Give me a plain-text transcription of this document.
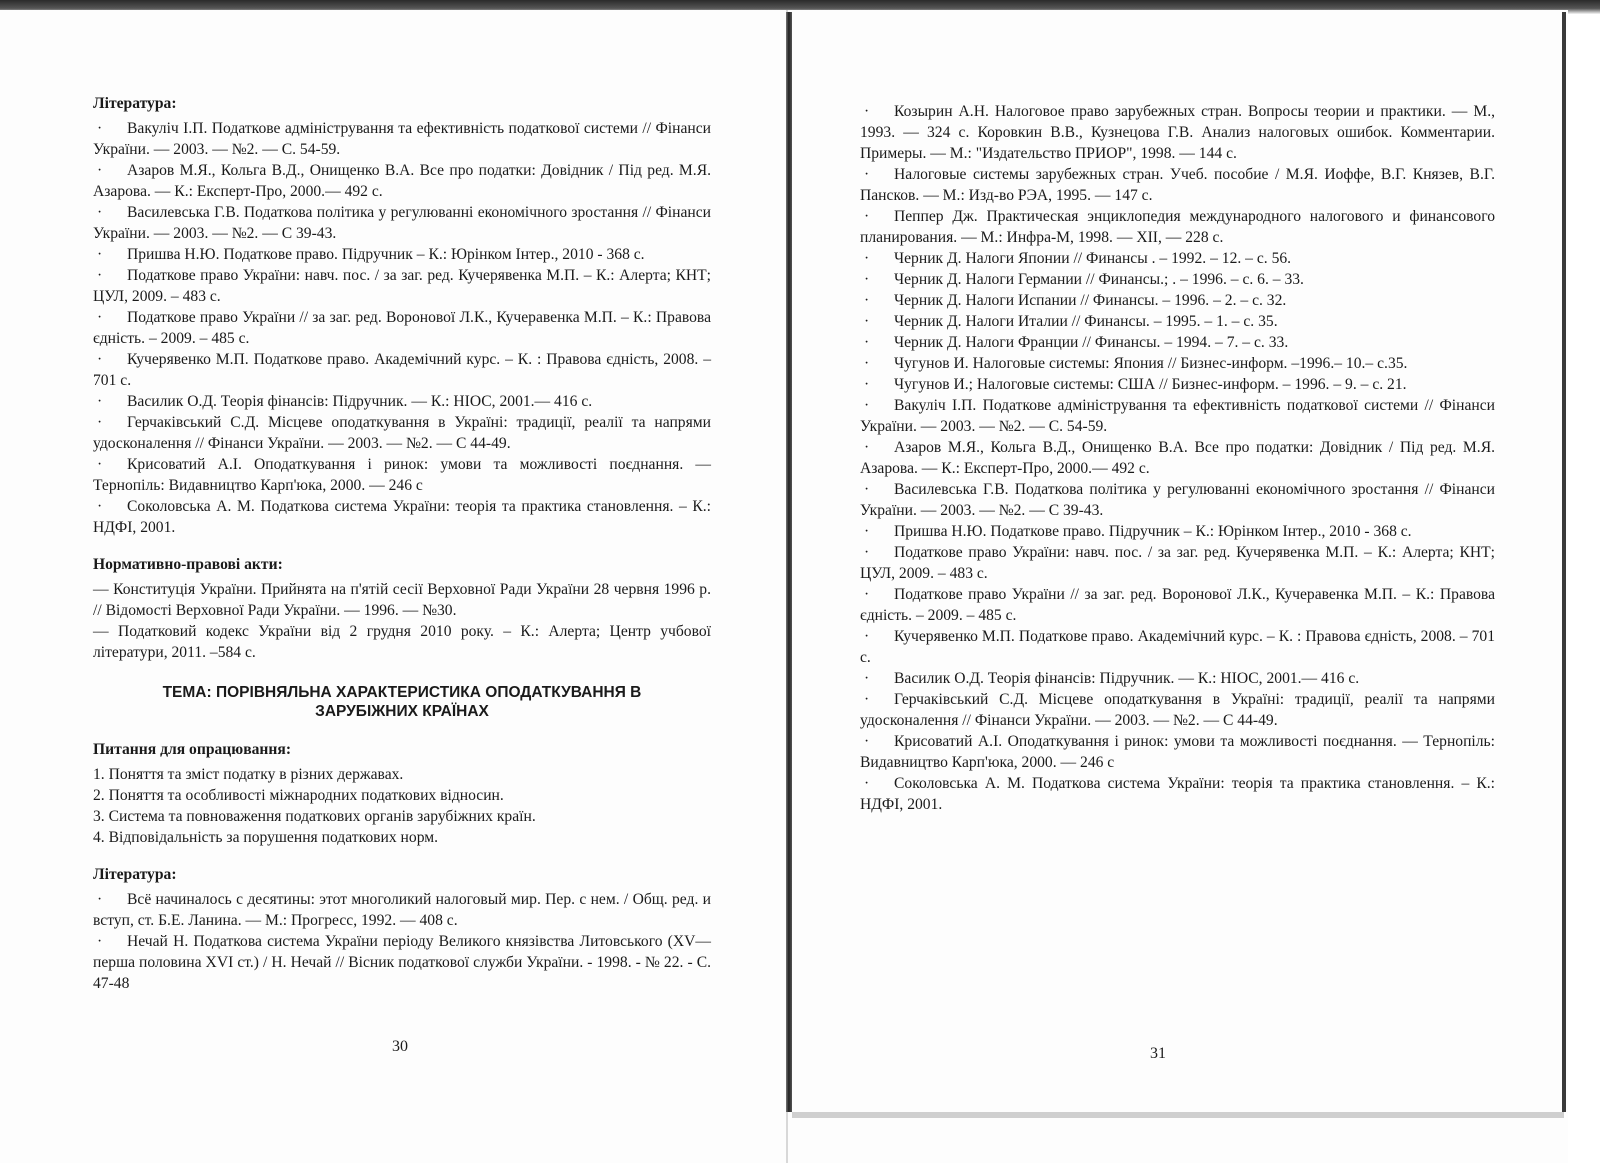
Література:

· Вакуліч І.П. Податкове адміністрування та ефективність податкової системи // Фінанси України. — 2003. — №2. — С. 54-59.

· Азаров М.Я., Кольга В.Д., Онищенко В.А. Все про податки: Довідник / Під ред. М.Я. Азарова. — К.: Експерт-Про, 2000.— 492 с.

· Василевська Г.В. Податкова політика у регулюванні економічного зростання // Фінанси України. — 2003. — №2. — С 39-43.

· Пришва Н.Ю. Податкове право. Підручник – К.: Юрінком Інтер., 2010 - 368 с.

· Податкове право України: навч. пос. / за заг. ред. Кучерявенка М.П. – К.: Алерта; КНТ; ЦУЛ, 2009. – 483 с.

· Податкове право України // за заг. ред. Воронової Л.К., Кучеравенка М.П. – К.: Правова єдність. – 2009. – 485 с.

· Кучерявенко М.П. Податкове право. Академічний курс. – К. : Правова єдність, 2008. – 701 с.

· Василик О.Д. Теорія фінансів: Підручник. — К.: НІОС, 2001.— 416 с.

· Герчаківський С.Д. Місцеве оподаткування в Україні: традиції, реалії та напрями удосконалення // Фінанси України. — 2003. — №2. — С 44-49.

· Крисоватий А.І. Оподаткування і ринок: умови та можливості поєднання. — Тернопіль: Видавництво Карп'юка, 2000. — 246 с

· Соколовська А. М. Податкова система України: теорія та практика становлення. – К.: НДФІ, 2001.

Нормативно-правові акти:

— Конституція України. Прийнята на п'ятій сесії Верховної Ради України 28 червня 1996 р. // Відомості Верховної Ради України. — 1996. — №30.

— Податковий кодекс України від 2 грудня 2010 року. – К.: Алерта; Центр учбової літератури, 2011. –584 с.

ТЕМА: ПОРІВНЯЛЬНА ХАРАКТЕРИСТИКА ОПОДАТКУВАННЯ В
ЗАРУБІЖНИХ КРАЇНАХ

Питання для опрацювання:

1. Поняття та зміст податку в різних державах.
2. Поняття та особливості міжнародних податкових відносин.
3. Система та повноваження податкових органів зарубіжних країн.
4. Відповідальність за порушення податкових норм.

Література:

· Всё начиналось с десятины: этот многоликий налоговый мир. Пер. с нем. / Общ. ред. и вступ, ст. Б.Е. Ланина. — М.: Прогресс, 1992. — 408 с.

· Нечай Н. Податкова система України періоду Великого князівства Литовського (XV—перша половина XVI ст.) / Н. Нечай // Вісник податкової служби України. - 1998. - № 22. - С. 47-48

30

· Козырин А.Н. Налоговое право зарубежных стран. Вопросы теории и практики. — М., 1993. — 324 с. Коровкин В.В., Кузнецова Г.В. Анализ налоговых ошибок. Комментарии. Примеры. — М.: "Издательство ПРИОР", 1998. — 144 с.

· Налоговые системы зарубежных стран. Учеб. пособие / М.Я. Иоффе, В.Г. Князев, В.Г. Пансков. — М.: Изд-во РЭА, 1995. — 147 с.

· Пеппер Дж. Практическая энциклопедия международного налогового и финансового планирования. — М.: Инфра-М, 1998. — XII, — 228 с.

· Черник Д. Налоги Японии // Финансы . – 1992. – 12. – с. 56.

· Черник Д. Налоги Германии // Финансы.; . – 1996. – с. 6. – 33.

· Черник Д. Налоги Испании // Финансы. – 1996. – 2. – с. 32.

· Черник Д. Налоги Италии // Финансы. – 1995. – 1. – с. 35.

· Черник Д. Налоги Франции // Финансы. – 1994. – 7. – с. 33.

· Чугунов И. Налоговые системы: Япония // Бизнес-информ. –1996.– 10.– с.35.

· Чугунов И.; Налоговые системы: США // Бизнес-информ. – 1996. – 9. – с. 21.

· Вакуліч І.П. Податкове адміністрування та ефективність податкової системи // Фінанси України. — 2003. — №2. — С. 54-59.

· Азаров М.Я., Кольга В.Д., Онищенко В.А. Все про податки: Довідник / Під ред. М.Я. Азарова. — К.: Експерт-Про, 2000.— 492 с.

· Василевська Г.В. Податкова політика у регулюванні економічного зростання // Фінанси України. — 2003. — №2. — С 39-43.

· Пришва Н.Ю. Податкове право. Підручник – К.: Юрінком Інтер., 2010 - 368 с.

· Податкове право України: навч. пос. / за заг. ред. Кучерявенка М.П. – К.: Алерта; КНТ; ЦУЛ, 2009. – 483 с.

· Податкове право України // за заг. ред. Воронової Л.К., Кучеравенка М.П. – К.: Правова єдність. – 2009. – 485 с.

· Кучерявенко М.П. Податкове право. Академічний курс. – К. : Правова єдність, 2008. – 701 с.

· Василик О.Д. Теорія фінансів: Підручник. — К.: НІОС, 2001.— 416 с.

· Герчаківський С.Д. Місцеве оподаткування в Україні: традиції, реалії та напрями удосконалення // Фінанси України. — 2003. — №2. — С 44-49.

· Крисоватий А.І. Оподаткування і ринок: умови та можливості поєднання. — Тернопіль: Видавництво Карп'юка, 2000. — 246 с

· Соколовська А. М. Податкова система України: теорія та практика становлення. – К.: НДФІ, 2001.

31
